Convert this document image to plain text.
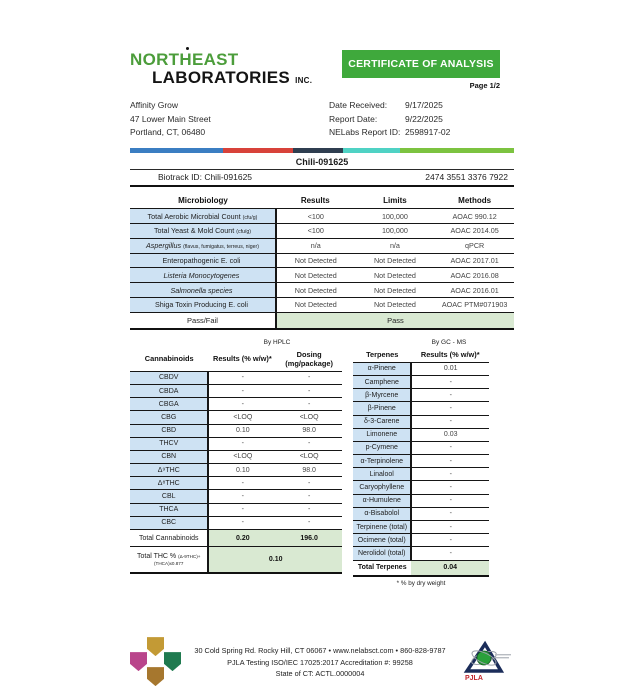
NORTHEAST
LABORATORIES INC.
CERTIFICATE OF ANALYSIS
Page 1/2
Affinity Grow
47 Lower Main Street
Portland, CT, 06480
Date Received:	9/17/2025
Report Date:	9/22/2025
NELabs Report ID: 2598917-02
Chili-091625
Biotrack ID: Chili-091625	2474 3551 3376 7922
Microbiology	Results	Limits	Methods
Total Aerobic Microbial Count (cfu/g)	<100	100,000	AOAC 990.12
Total Yeast & Mold Count (cfu/g)	<100	100,000	AOAC 2014.05
Aspergillus (flavus, fumigatus, terreus, niger)	n/a	n/a	qPCR
Enteropathogenic E. coli	Not Detected	Not Detected	AOAC 2017.01
Listeria Monocytogenes	Not Detected	Not Detected	AOAC 2016.08
Salmonella species	Not Detected	Not Detected	AOAC 2016.01
Shiga Toxin Producing E. coli	Not Detected	Not Detected	AOAC PTM#071903
Pass/Fail	Pass		
By HPLC
Cannabinoids	Results (% w/w)*	Dosing (mg/package)
CBDV	-	-
CBDA	-	-
CBGA	-	-
CBG	<LOQ	<LOQ
CBD	0.10	98.0
THCV	-	-
CBN	<LOQ	<LOQ
Δ⁹THC	0.10	98.0
Δ⁸THC	-	-
CBL	-	-
THCA	-	-
CBC	-	-
Total Cannabinoids	0.20	196.0
Total THC % (Δ-9THC)+(THCA)x0.877	0.10	
By GC - MS
Terpenes	Results (% w/w)*
α-Pinene	0.01
Camphene	-
β-Myrcene	-
β-Pinene	-
δ-3-Carene	-
Limonene	0.03
p-Cymene	-
α-Terpinolene	-
Linalool	-
Caryophyllene	-
α-Humulene	-
α-Bisabolol	-
Terpinene (total)	-
Ocimene (total)	-
Nerolidol (total)	-
Total Terpenes	0.04
* % by dry weight
30 Cold Spring Rd. Rocky Hill, CT 06067 • www.nelabsct.com • 860-828-9787
PJLA Testing ISO/IEC 17025:2017 Accreditation #: 99258
State of CT: ACTL.0000004
PJLA
